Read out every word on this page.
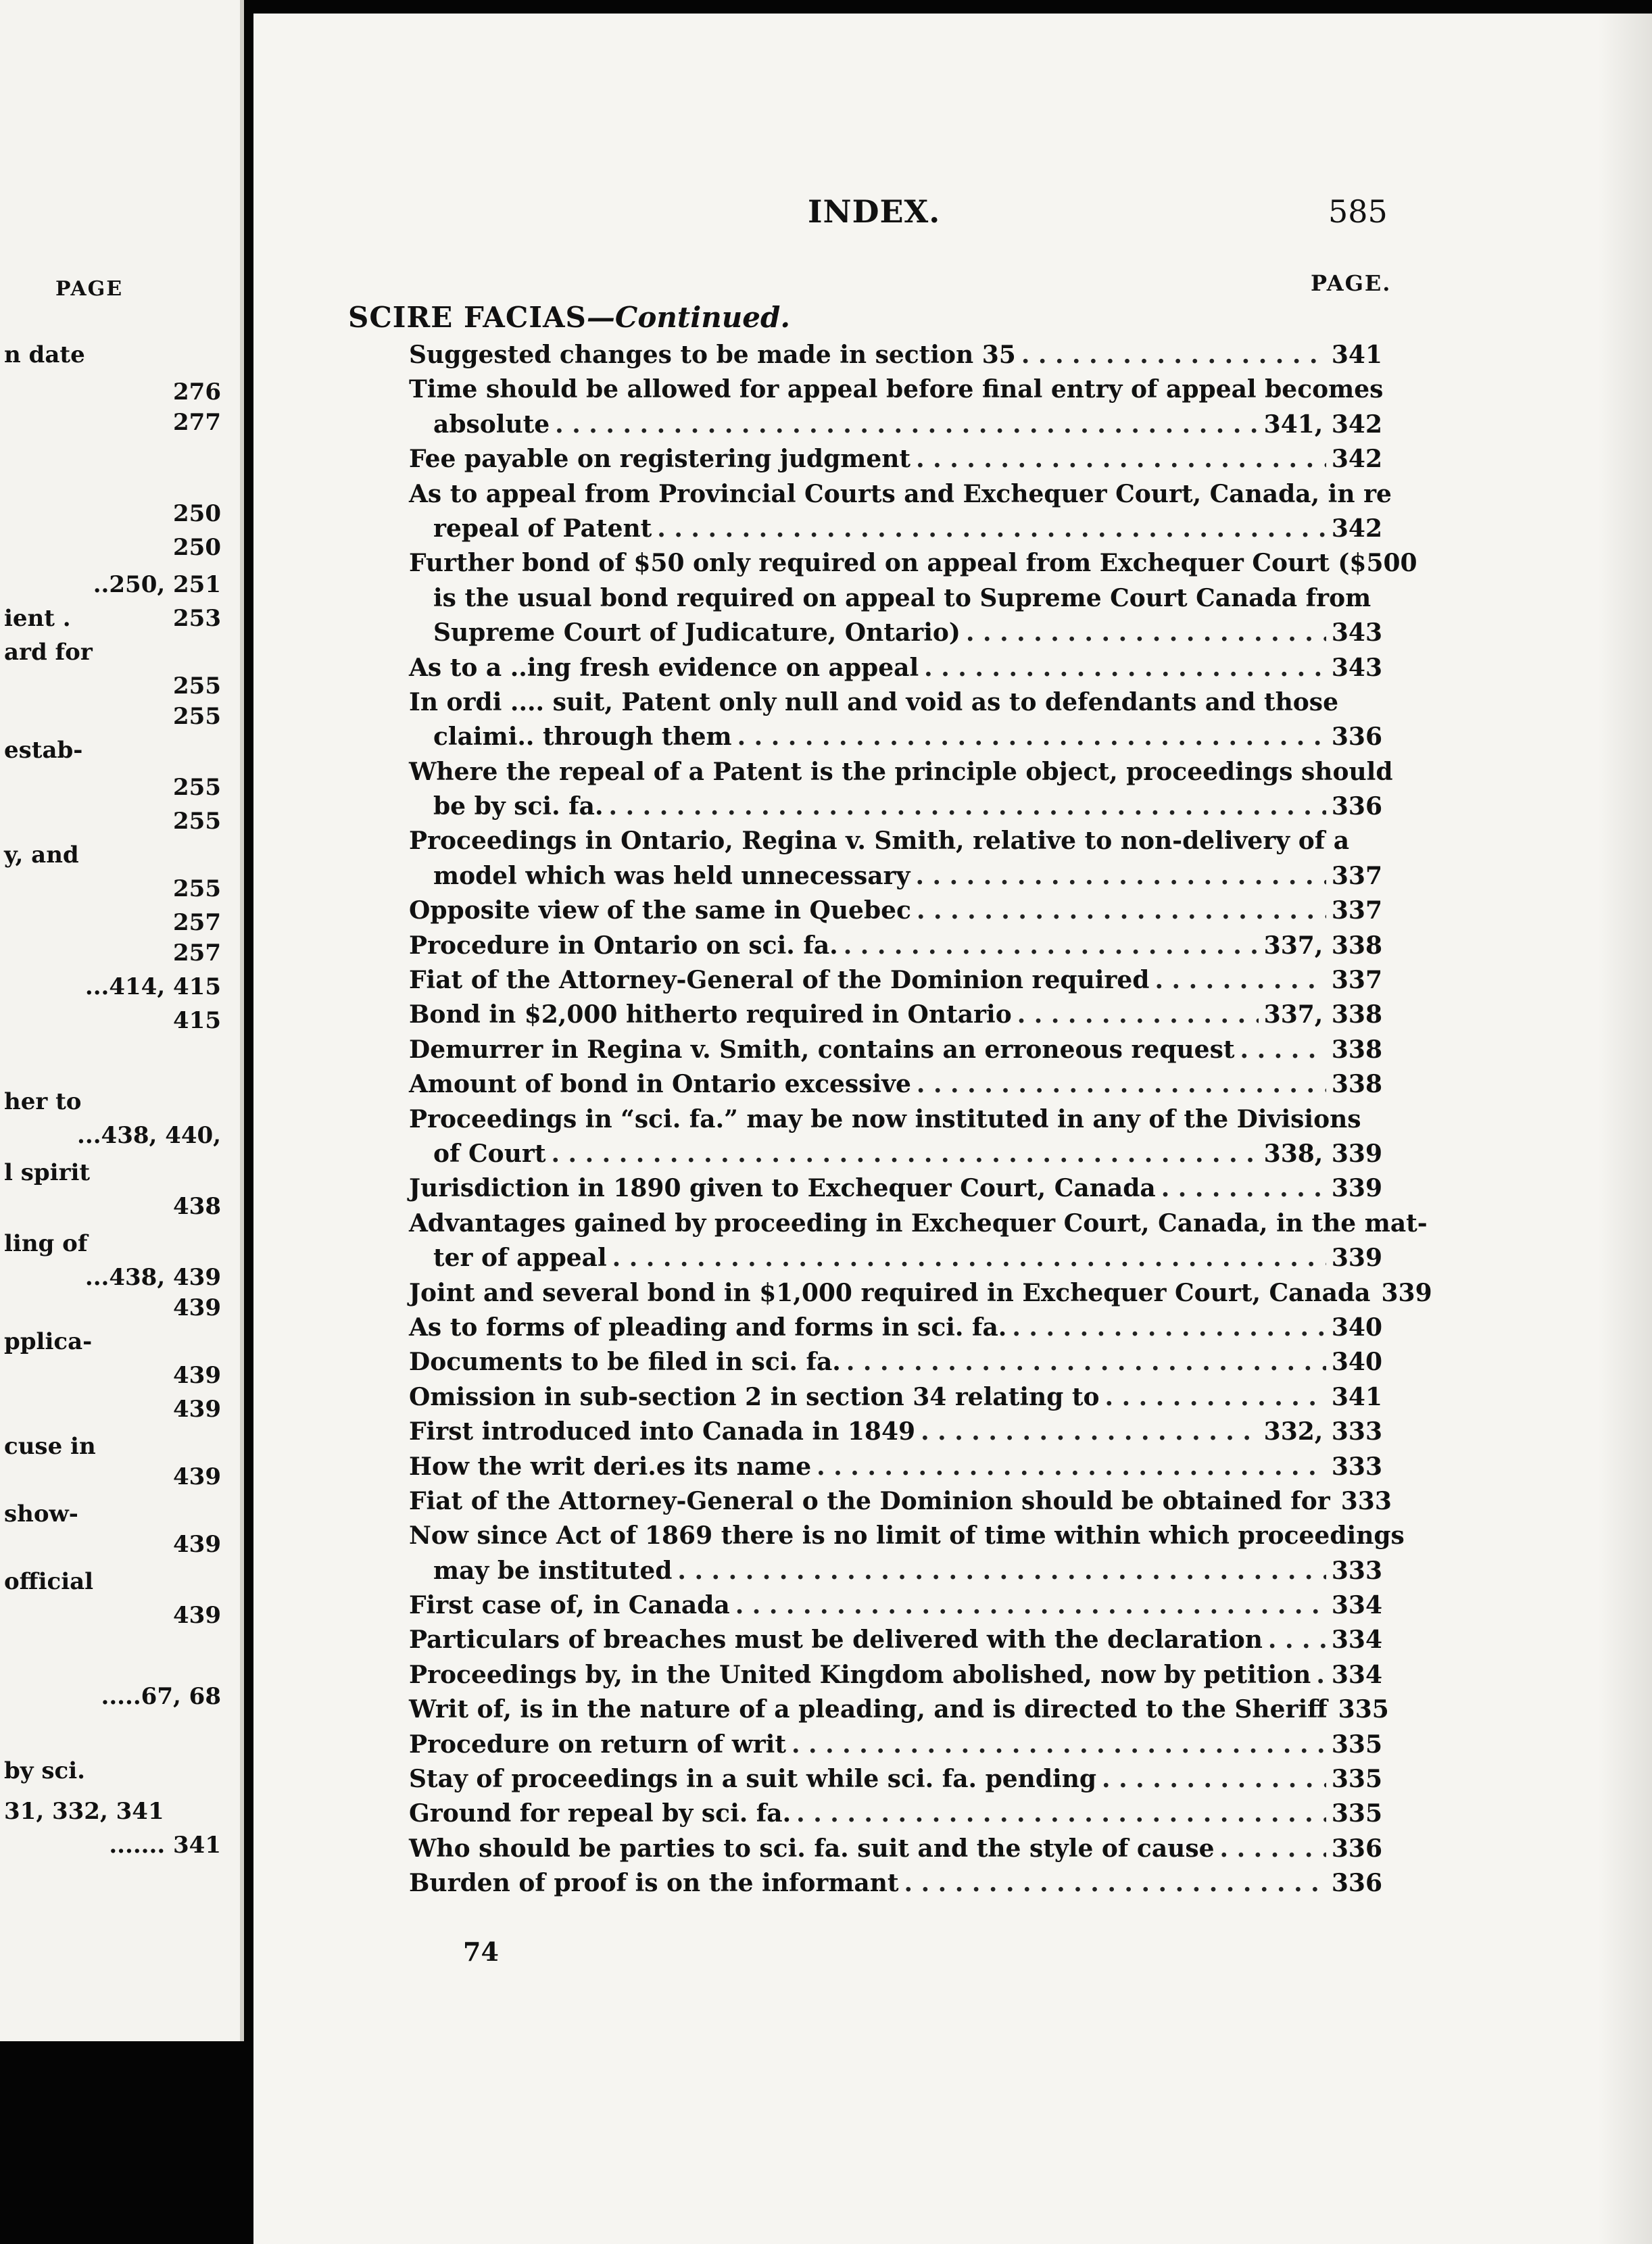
PAGE
n date
276
277
250
250
..250, 251
ient .	253
ard for
255
255
estab-
255
255
y, and
255
257
257
...414, 415
415
her to
...438, 440,
l spirit
438
ling of
...438, 439
439
pplica-
439
439
cuse in
439
show-
439
official
439
.....67, 68
by sci.
31, 332, 341
....... 341
INDEX.	585
PAGE.
SCIRE FACIAS—Continued.
Suggested changes to be made in section 35 . . .	341
Time should be allowed for appeal before final entry of appeal becomes
absolute . . .	341, 342
Fee payable on registering judgment . . .	342
As to appeal from Provincial Courts and Exchequer Court, Canada, in re
repeal of Patent . . .	342
Further bond of $50 only required on appeal from Exchequer Court ($500
is the usual bond required on appeal to Supreme Court Canada from
Supreme Court of Judicature, Ontario) . . .	343
As to a ..ing fresh evidence on appeal . . .	343
In ordi .... suit, Patent only null and void as to defendants and those
claimi.. through them . . .	336
Where the repeal of a Patent is the principle object, proceedings should
be by sci. fa. . . .	336
Proceedings in Ontario, Regina v. Smith, relative to non-delivery of a
model which was held unnecessary . . .	337
Opposite view of the same in Quebec . . .	337
Procedure in Ontario on sci. fa. . . .	337, 338
Fiat of the Attorney-General of the Dominion required . . .	337
Bond in $2,000 hitherto required in Ontario . . .	337, 338
Demurrer in Regina v. Smith, contains an erroneous request . . .	338
Amount of bond in Ontario excessive . . .	338
Proceedings in “sci. fa.” may be now instituted in any of the Divisions
of Court . . .	338, 339
Jurisdiction in 1890 given to Exchequer Court, Canada . . .	339
Advantages gained by proceeding in Exchequer Court, Canada, in the mat-
ter of appeal . . .	339
Joint and several bond in $1,000 required in Exchequer Court, Canada 339
As to forms of pleading and forms in sci. fa. . . .	340
Documents to be filed in sci. fa. . . .	340
Omission in sub-section 2 in section 34 relating to . . .	341
First introduced into Canada in 1849 . . .	332, 333
How the writ deri.es its name . . .	333
Fiat of the Attorney-General o the Dominion should be obtained for 333
Now since Act of 1869 there is no limit of time within which proceedings
may be instituted . . .	333
First case of, in Canada . . .	334
Particulars of breaches must be delivered with the declaration . . .	334
Proceedings by, in the United Kingdom abolished, now by petition . . . 334
Writ of, is in the nature of a pleading, and is directed to the Sheriff 335
Procedure on return of writ . . .	335
Stay of proceedings in a suit while sci. fa. pending . . .	335
Ground for repeal by sci. fa. . . .	335
Who should be parties to sci. fa. suit and the style of cause . . .	336
Burden of proof is on the informant . . .	336
74
